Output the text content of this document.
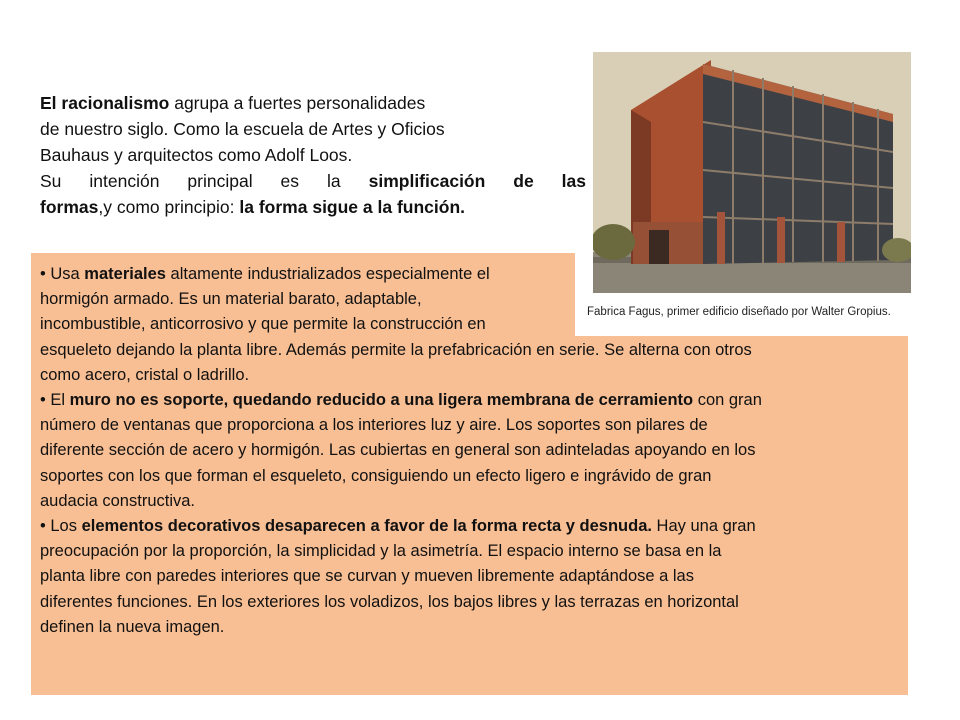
El racionalismo agrupa a fuertes personalidades
de nuestro siglo. Como la escuela de Artes y Oficios
Bauhaus y arquitectos como Adolf Loos.
Su intención principal es la simplificación de las
formas,y como principio: la forma sigue a la función.
Fabrica Fagus, primer edificio diseñado por Walter Gropius.
• Usa materiales altamente industrializados especialmente el
hormigón armado. Es un material barato, adaptable,
incombustible, anticorrosivo y que permite la construcción en
esqueleto dejando la planta libre. Además permite la prefabricación en serie. Se alterna con otros
como acero, cristal o ladrillo.
• El muro no es soporte, quedando reducido a una ligera membrana de cerramiento con gran
número de ventanas que proporciona a los interiores luz y aire. Los soportes son pilares de
diferente sección de acero y hormigón. Las cubiertas en general son adinteladas apoyando en los
soportes con los que forman el esqueleto, consiguiendo un efecto ligero e ingrávido de gran
audacia constructiva.
• Los elementos decorativos desaparecen a favor de la forma recta y desnuda. Hay una gran
preocupación por la proporción, la simplicidad y la asimetría. El espacio interno se basa en la
planta libre con paredes interiores que se curvan y mueven libremente adaptándose a las
diferentes funciones. En los exteriores los voladizos, los bajos libres y las terrazas en horizontal
definen la nueva imagen.
